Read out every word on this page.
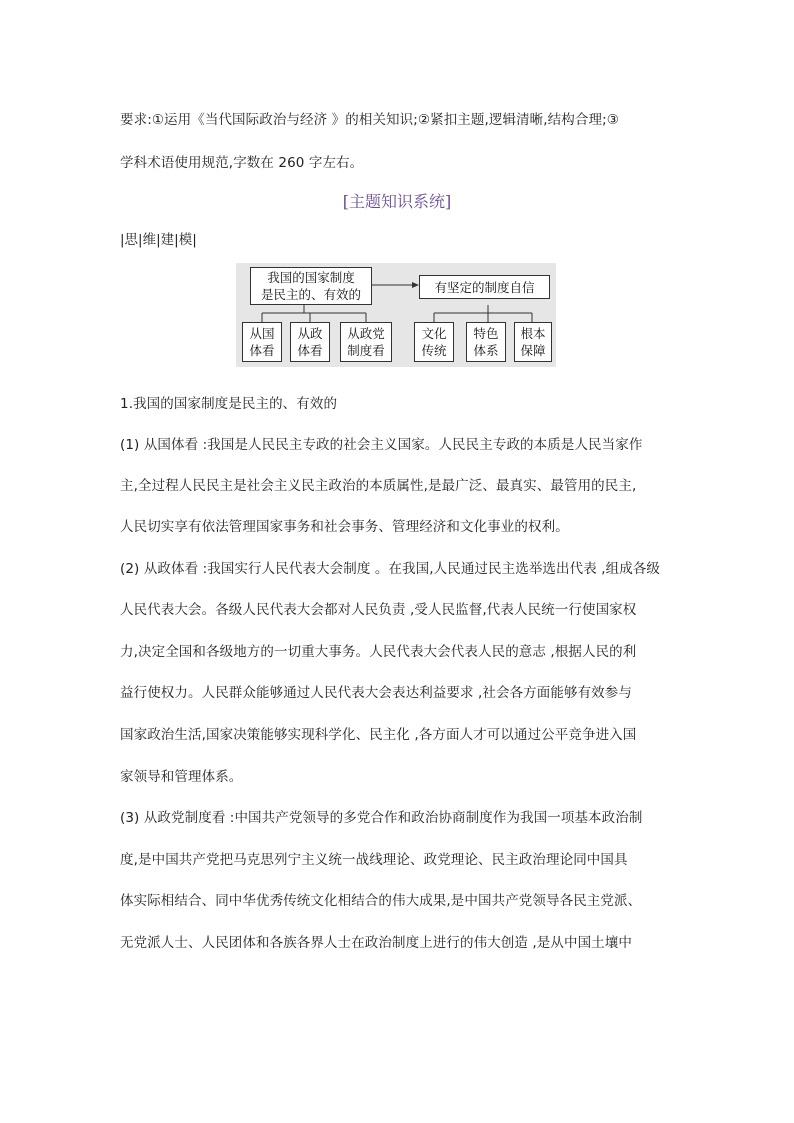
要求:①运用《当代国际政治与经济 》的相关知识;②紧扣主题,逻辑清晰,结构合理;③
学科术语使用规范,字数在 260 字左右。
[主题知识系统]
|思|维|建|模|
我国的国家制度
是民主的、有效的	有坚定的制度自信
从国
体看
从政
体看
从政党
制度看
文化
传统
特色
体系
根本
保障
1.我国的国家制度是民主的、有效的
(1) 从国体看 :我国是人民民主专政的社会主义国家。人民民主专政的本质是人民当家作
主,全过程人民民主是社会主义民主政治的本质属性,是最广泛、最真实、最管用的民主,
人民切实享有依法管理国家事务和社会事务、管理经济和文化事业的权利。
(2) 从政体看 :我国实行人民代表大会制度 。在我国,人民通过民主选举选出代表 ,组成各级
人民代表大会。各级人民代表大会都对人民负责 ,受人民监督,代表人民统一行使国家权
力,决定全国和各级地方的一切重大事务。人民代表大会代表人民的意志 ,根据人民的利
益行使权力。人民群众能够通过人民代表大会表达利益要求 ,社会各方面能够有效参与
国家政治生活,国家决策能够实现科学化、民主化 ,各方面人才可以通过公平竞争进入国
家领导和管理体系。
(3) 从政党制度看 :中国共产党领导的多党合作和政治协商制度作为我国一项基本政治制
度,是中国共产党把马克思列宁主义统一战线理论、政党理论、民主政治理论同中国具
体实际相结合、同中华优秀传统文化相结合的伟大成果,是中国共产党领导各民主党派、
无党派人士、人民团体和各族各界人士在政治制度上进行的伟大创造 ,是从中国土壤中
